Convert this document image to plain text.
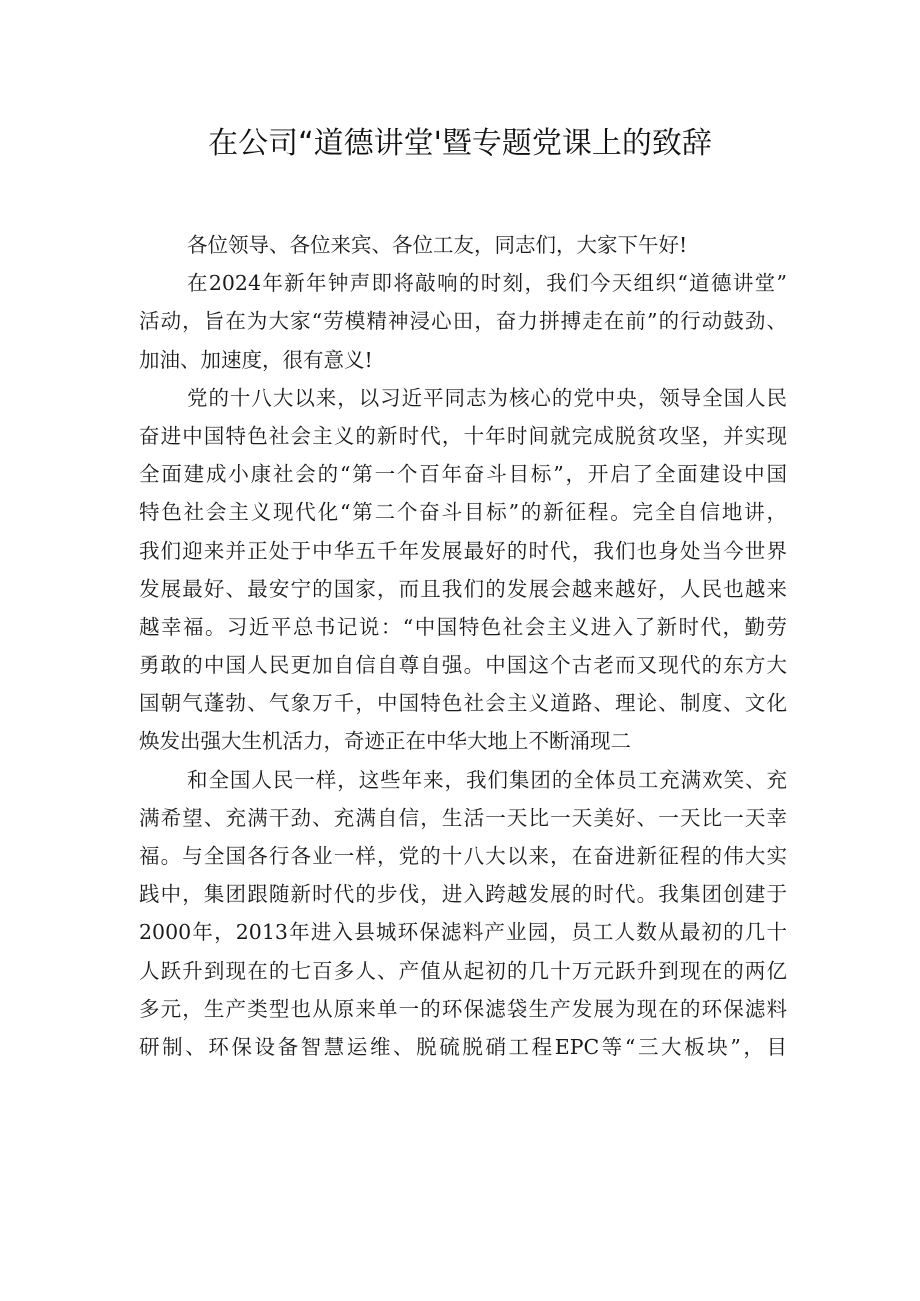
在公司“道德讲堂'暨专题党课上的致辞
各位领导、各位来宾、各位工友，同志们，大家下午好!
在2024年新年钟声即将敲响的时刻，我们今天组织“道德讲堂”
活动，旨在为大家“劳模精神浸心田，奋力拼搏走在前”的行动鼓劲、
加油、加速度，很有意义!
党的十八大以来，以习近平同志为核心的党中央，领导全国人民
奋进中国特色社会主义的新时代，十年时间就完成脱贫攻坚，并实现
全面建成小康社会的“第一个百年奋斗目标”，开启了全面建设中国
特色社会主义现代化“第二个奋斗目标”的新征程。完全自信地讲，
我们迎来并正处于中华五千年发展最好的时代，我们也身处当今世界
发展最好、最安宁的国家，而且我们的发展会越来越好，人民也越来
越幸福。习近平总书记说：“中国特色社会主义进入了新时代，勤劳
勇敢的中国人民更加自信自尊自强。中国这个古老而又现代的东方大
国朝气蓬勃、气象万千，中国特色社会主义道路、理论、制度、文化
焕发出强大生机活力，奇迹正在中华大地上不断涌现二
和全国人民一样，这些年来，我们集团的全体员工充满欢笑、充
满希望、充满干劲、充满自信，生活一天比一天美好、一天比一天幸
福。与全国各行各业一样，党的十八大以来，在奋进新征程的伟大实
践中，集团跟随新时代的步伐，进入跨越发展的时代。我集团创建于
2000年，2013年进入县城环保滤料产业园，员工人数从最初的几十
人跃升到现在的七百多人、产值从起初的几十万元跃升到现在的两亿
多元，生产类型也从原来单一的环保滤袋生产发展为现在的环保滤料
研制、环保设备智慧运维、脱硫脱硝工程EPC等“三大板块”，目
